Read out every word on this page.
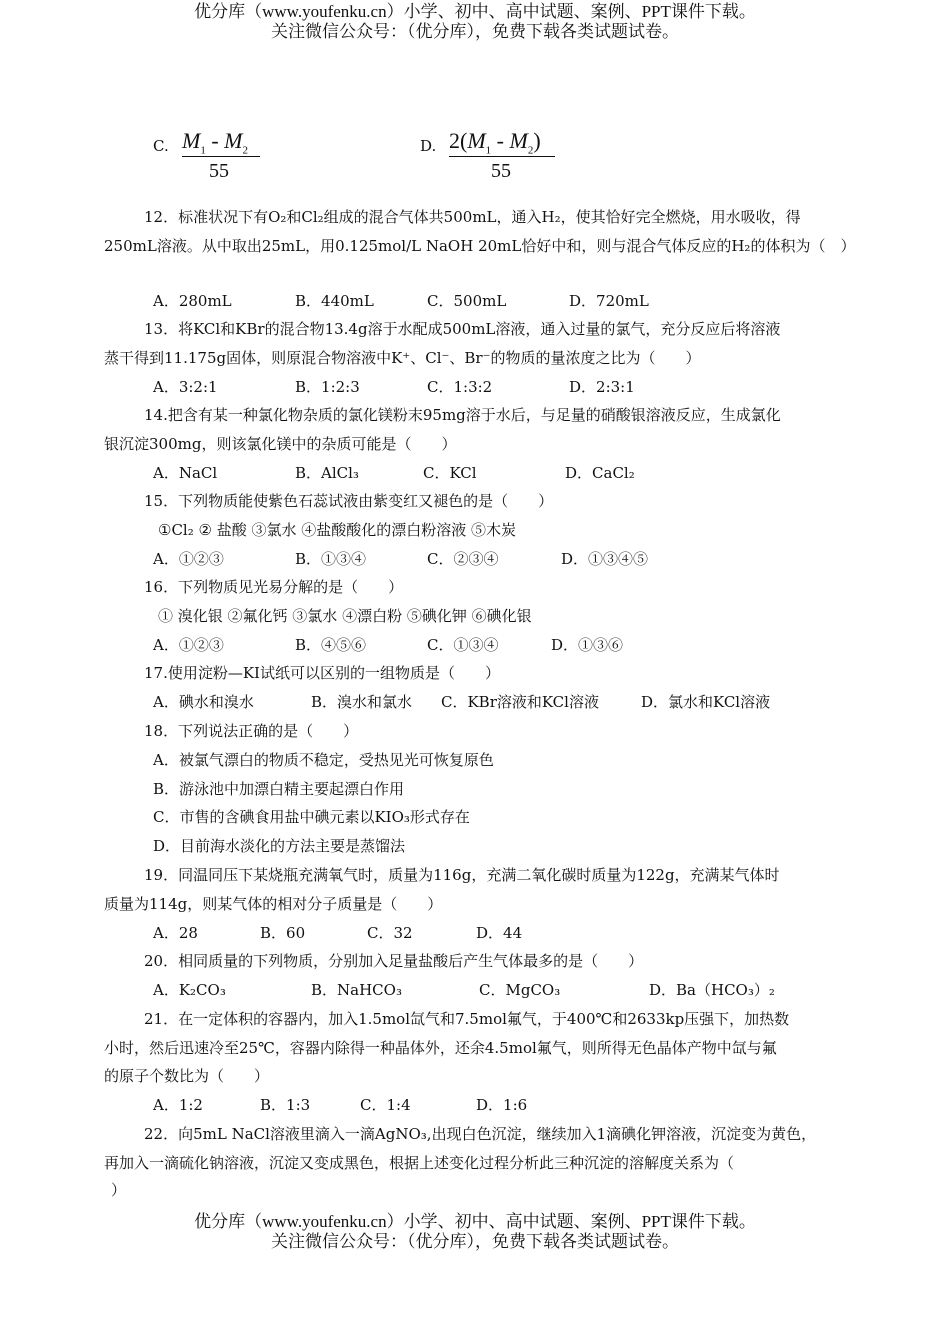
优分库（www.youfenku.cn）小学、初中、高中试题、案例、PPT课件下载。
关注微信公众号：（优分库），免费下载各类试题试卷。
C. $M_1 - M_2$
55
D. $2(M_1 - M_2)$
55
12．标准状况下有O₂和Cl₂组成的混合气体共500mL，通入H₂，使其恰好完全燃烧，用水吸收，得250mL溶液。从中取出25mL，用0.125mol/L NaOH 20mL恰好中和，则与混合气体反应的H₂的体积为（　）
A．280mL	B．440mL	C．500mL	D．720mL
13．将KCl和KBr的混合物13.4g溶于水配成500mL溶液，通入过量的氯气，充分反应后将溶液
蒸干得到11.175g固体，则原混合物溶液中K⁺、Cl⁻、Br⁻的物质的量浓度之比为（　　）
A．3:2:1	B．1:2:3	C．1:3:2	D．2:3:1
14.把含有某一种氯化物杂质的氯化镁粉末95mg溶于水后，与足量的硝酸银溶液反应，生成氯化
银沉淀300mg，则该氯化镁中的杂质可能是（　　）
A．NaCl	B．AlCl₃	C．KCl	D．CaCl₂
15．下列物质能使紫色石蕊试液由紫变红又褪色的是（　　）
①Cl₂ ② 盐酸 ③氯水 ④盐酸酸化的漂白粉溶液 ⑤木炭
A．①②③	B．①③④	C．②③④	D．①③④⑤
16．下列物质见光易分解的是（　　）
① 溴化银 ②氟化钙 ③氯水 ④漂白粉 ⑤碘化钾 ⑥碘化银
A．①②③	B．④⑤⑥	C．①③④	D．①③⑥
17.使用淀粉—KI试纸可以区别的一组物质是（　　）
A．碘水和溴水	B．溴水和氯水 C．KBr溶液和KCl溶液	D．氯水和KCl溶液
18．下列说法正确的是（　　）
A．被氯气漂白的物质不稳定，受热见光可恢复原色
B．游泳池中加漂白精主要起漂白作用
C．市售的含碘食用盐中碘元素以KIO₃形式存在
D．目前海水淡化的方法主要是蒸馏法
19．同温同压下某烧瓶充满氧气时，质量为116g，充满二氧化碳时质量为122g，充满某气体时
质量为114g，则某气体的相对分子质量是（　　）
A．28	B．60	C．32	D．44
20．相同质量的下列物质，分别加入足量盐酸后产生气体最多的是（　　）
A．K₂CO₃	B．NaHCO₃	C．MgCO₃	D．Ba（HCO₃）₂
21．在一定体积的容器内，加入1.5mol氙气和7.5mol氟气，于400℃和2633kp压强下，加热数
小时，然后迅速冷至25℃，容器内除得一种晶体外，还余4.5mol氟气，则所得无色晶体产物中氙与氟
的原子个数比为（　　）
A．1:2	B．1:3	C．1:4	D．1:6
22．向5mL NaCl溶液里滴入一滴AgNO₃,出现白色沉淀，继续加入1滴碘化钾溶液，沉淀变为黄色，
再加入一滴硫化钠溶液，沉淀又变成黑色，根据上述变化过程分析此三种沉淀的溶解度关系为（
）
优分库（www.youfenku.cn）小学、初中、高中试题、案例、PPT课件下载。
关注微信公众号：（优分库），免费下载各类试题试卷。
